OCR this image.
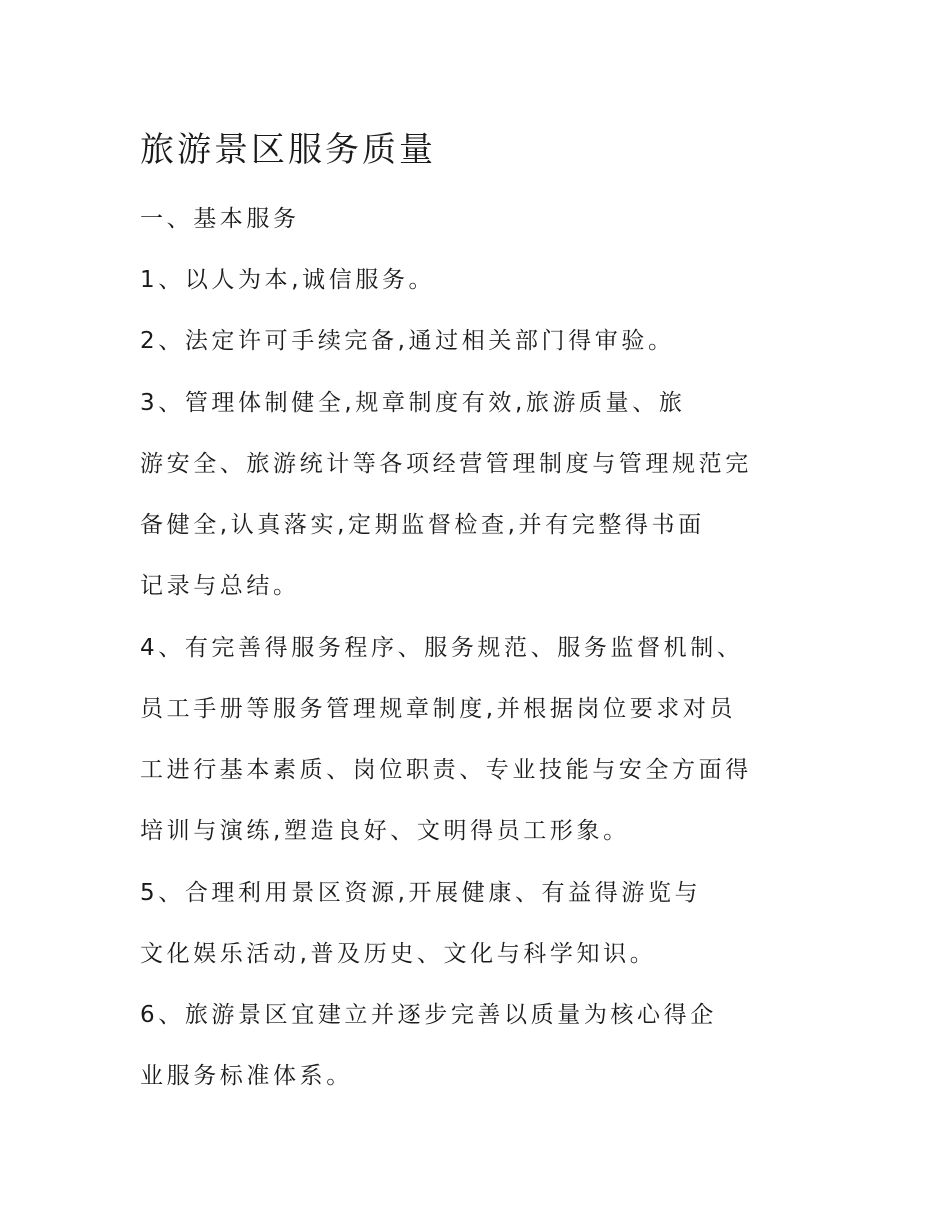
旅游景区服务质量

一、基本服务

1、以人为本,诚信服务。

2、法定许可手续完备,通过相关部门得审验。

3、管理体制健全,规章制度有效,旅游质量、旅

游安全、旅游统计等各项经营管理制度与管理规范完

备健全,认真落实,定期监督检查,并有完整得书面

记录与总结。

4、有完善得服务程序、服务规范、服务监督机制、

员工手册等服务管理规章制度,并根据岗位要求对员

工进行基本素质、岗位职责、专业技能与安全方面得

培训与演练,塑造良好、文明得员工形象。

5、合理利用景区资源,开展健康、有益得游览与

文化娱乐活动,普及历史、文化与科学知识。

6、旅游景区宜建立并逐步完善以质量为核心得企

业服务标准体系。
